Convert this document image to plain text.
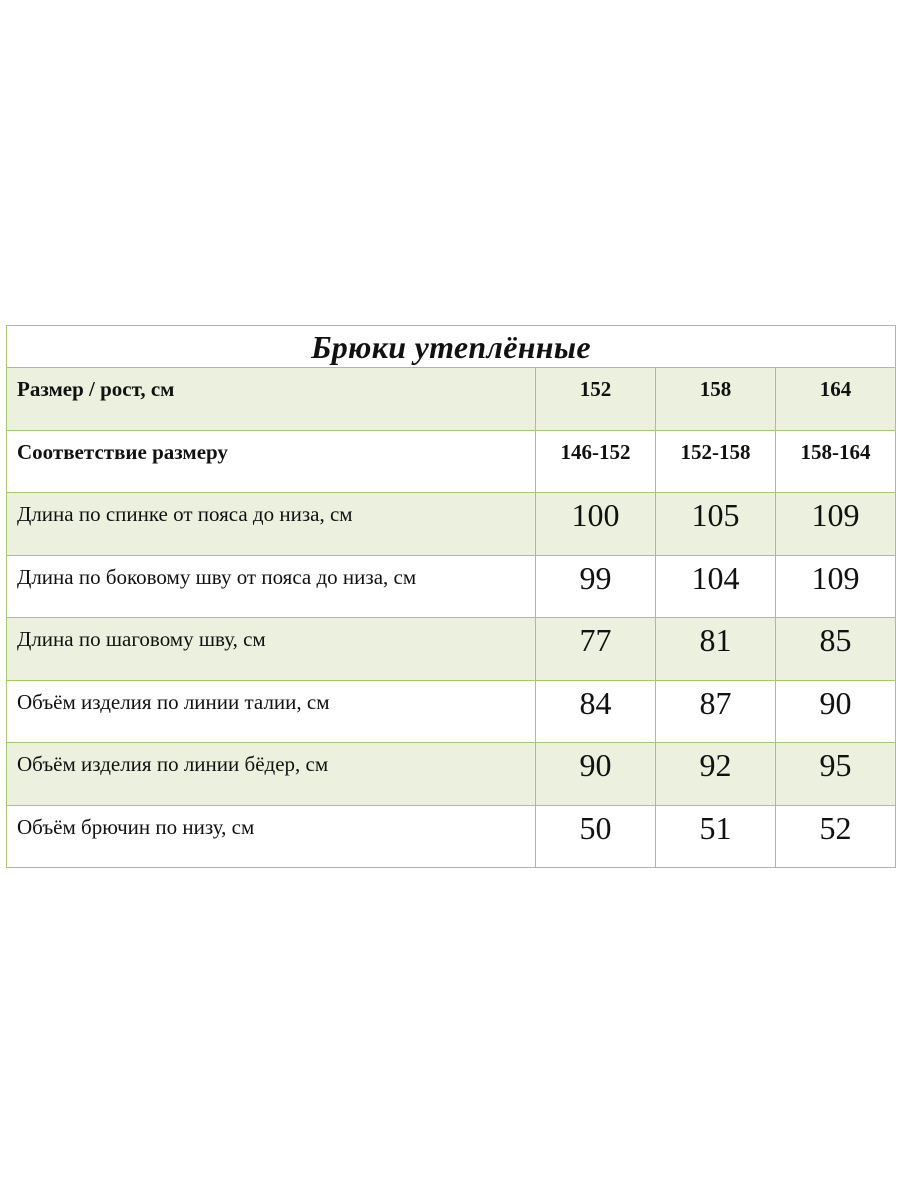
Брюки утеплённые			
Размер / рост, см	152	158	164
Соответствие размеру	146-152	152-158	158-164
Длина по спинке от пояса до низа, см	100	105	109
Длина по боковому шву от пояса до низа, см	99	104	109
Длина по шаговому шву, см	77	81	85
Объём изделия по линии талии, см	84	87	90
Объём изделия по линии бёдер, см	90	92	95
Объём брючин по низу, см	50	51	52
